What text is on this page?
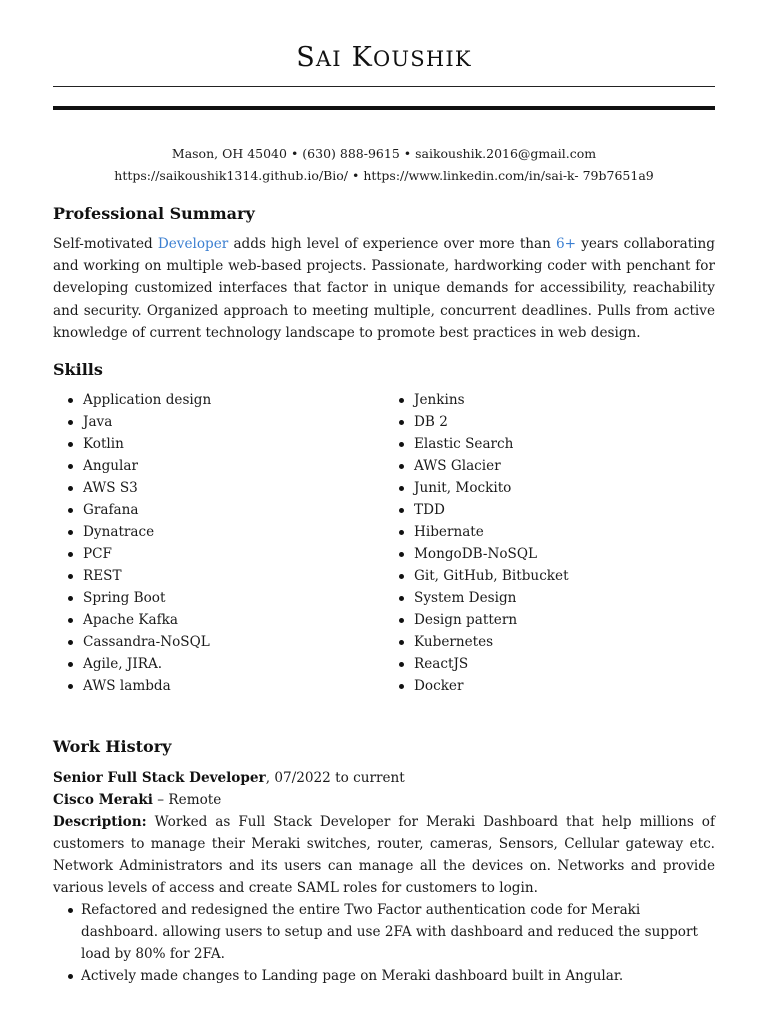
SAI KOUSHIK
Mason, OH 45040 • (630) 888-9615 • saikoushik.2016@gmail.com
https://saikoushik1314.github.io/Bio/ • https://www.linkedin.com/in/sai-k- 79b7651a9
Professional Summary
Self-motivated Developer adds high level of experience over more than 6+ years collaborating and working on multiple web-based projects. Passionate, hardworking coder with penchant for developing customized interfaces that factor in unique demands for accessibility, reachability and security. Organized approach to meeting multiple, concurrent deadlines. Pulls from active knowledge of current technology landscape to promote best practices in web design.
Skills
Application design
Java
Kotlin
Angular
AWS S3
Grafana
Dynatrace
PCF
REST
Spring Boot
Apache Kafka
Cassandra-NoSQL
Agile, JIRA.
AWS lambda
Jenkins
DB 2
Elastic Search
AWS Glacier
Junit, Mockito
TDD
Hibernate
MongoDB-NoSQL
Git, GitHub, Bitbucket
System Design
Design pattern
Kubernetes
ReactJS
Docker
Work History
Senior Full Stack Developer, 07/2022 to current
Cisco Meraki – Remote
Description: Worked as Full Stack Developer for Meraki Dashboard that help millions of customers to manage their Meraki switches, router, cameras, Sensors, Cellular gateway etc. Network Administrators and its users can manage all the devices on. Networks and provide various levels of access and create SAML roles for customers to login.
Refactored and redesigned the entire Two Factor authentication code for Meraki dashboard. allowing users to setup and use 2FA with dashboard and reduced the support load by 80% for 2FA.
Actively made changes to Landing page on Meraki dashboard built in Angular.
